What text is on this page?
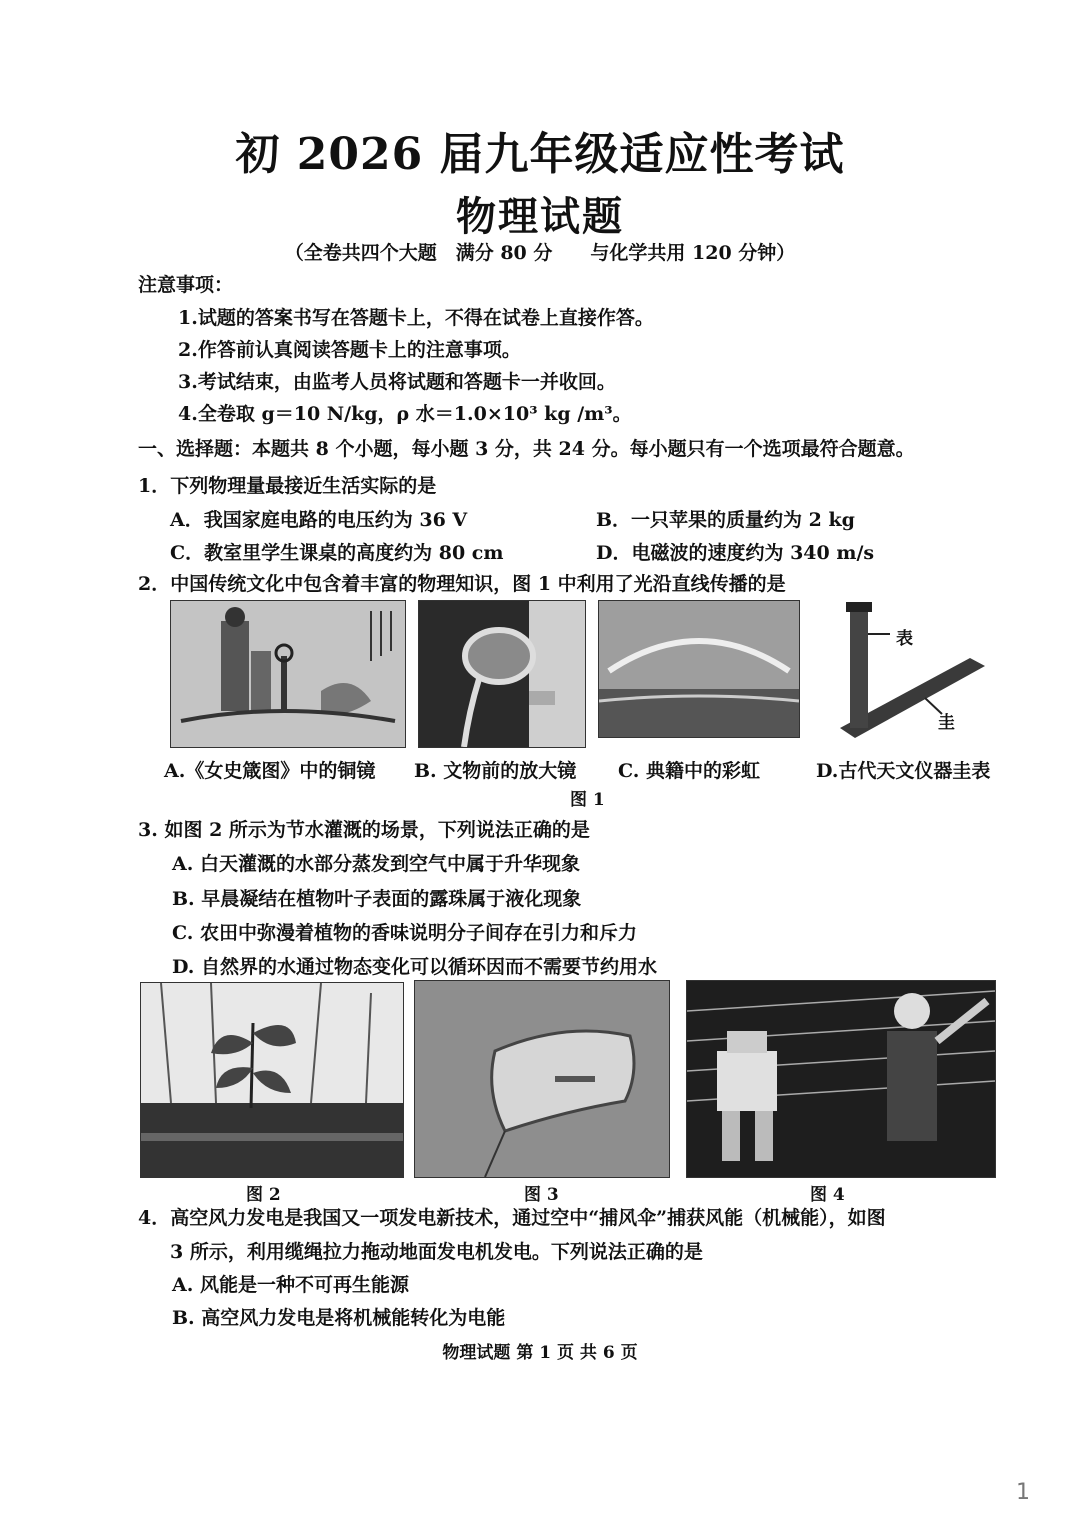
初 2026 届九年级适应性考试
物理试题
（全卷共四个大题　满分 80 分　　与化学共用 120 分钟）
注意事项：
1.试题的答案书写在答题卡上，不得在试卷上直接作答。
2.作答前认真阅读答题卡上的注意事项。
3.考试结束，由监考人员将试题和答题卡一并收回。
4.全卷取 g＝10 N/kg，ρ 水＝1.0×10³ kg /m³。
一、选择题：本题共 8 个小题，每小题 3 分，共 24 分。每小题只有一个选项最符合题意。
1．下列物理量最接近生活实际的是
A．我国家庭电路的电压约为 36 V	B．一只苹果的质量约为 2 kg
C．教室里学生课桌的高度约为 80 cm	D．电磁波的速度约为 340 m/s
2．中国传统文化中包含着丰富的物理知识，图 1 中利用了光沿直线传播的是
表
圭
A.《女史箴图》中的铜镜 B. 文物前的放大镜 C. 典籍中的彩虹	D.古代天文仪器圭表
图 1
3. 如图 2 所示为节水灌溉的场景，下列说法正确的是
A. 白天灌溉的水部分蒸发到空气中属于升华现象
B. 早晨凝结在植物叶子表面的露珠属于液化现象
C. 农田中弥漫着植物的香味说明分子间存在引力和斥力
D. 自然界的水通过物态变化可以循环因而不需要节约用水
图 2	图 3	图 4
4．高空风力发电是我国又一项发电新技术，通过空中“捕风伞”捕获风能（机械能），如图
3 所示，利用缆绳拉力拖动地面发电机发电。下列说法正确的是
A. 风能是一种不可再生能源
B. 高空风力发电是将机械能转化为电能
物理试题 第 1 页 共 6 页
1
